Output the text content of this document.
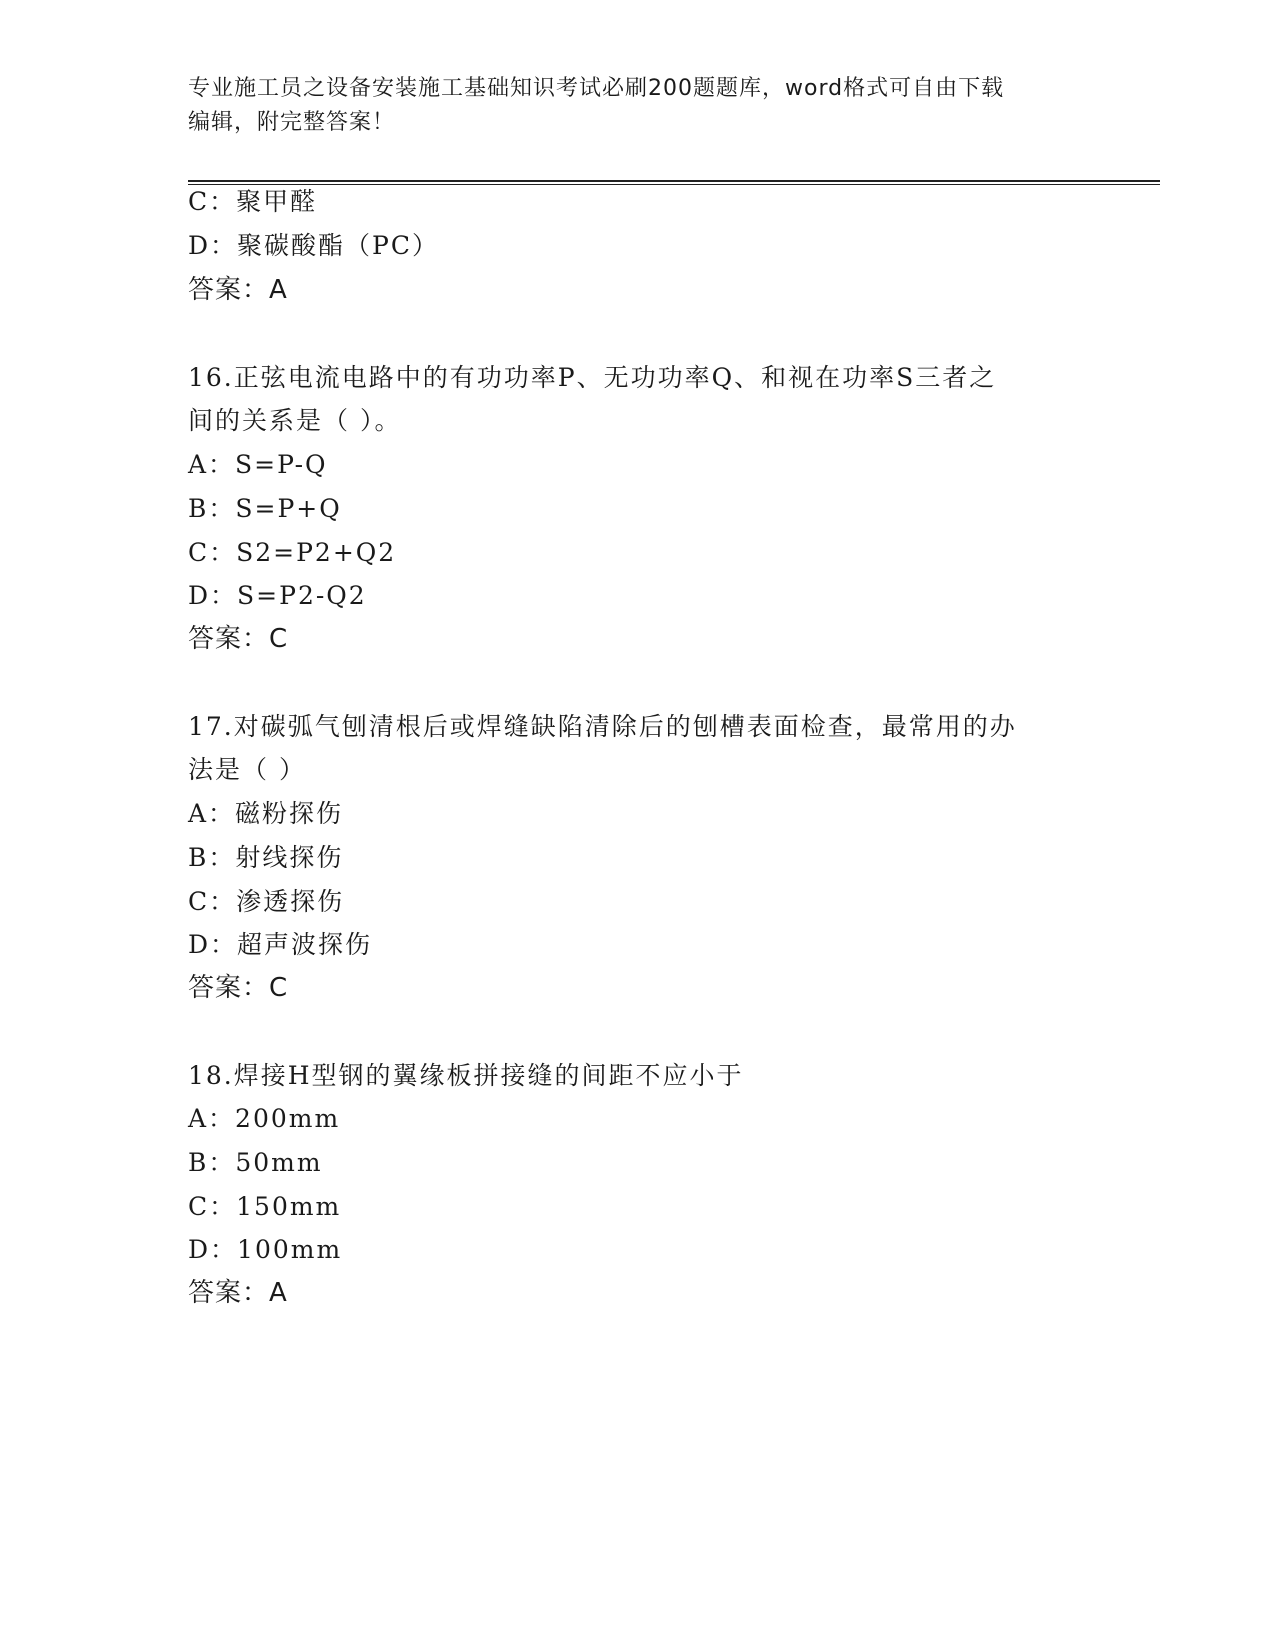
专业施工员之设备安装施工基础知识考试必刷200题题库，word格式可自由下载
编辑，附完整答案！
C：聚甲醛
D：聚碳酸酯（PC）
答案：A
16.正弦电流电路中的有功功率P、无功功率Q、和视在功率S三者之
间的关系是（ ）。
A：S=P-Q
B：S=P+Q
C：S2=P2+Q2
D：S=P2-Q2
答案：C
17.对碳弧气刨清根后或焊缝缺陷清除后的刨槽表面检查，最常用的办
法是（ ）
A：磁粉探伤
B：射线探伤
C：渗透探伤
D：超声波探伤
答案：C
18.焊接H型钢的翼缘板拼接缝的间距不应小于
A：200mm
B：50mm
C：150mm
D：100mm
答案：A
